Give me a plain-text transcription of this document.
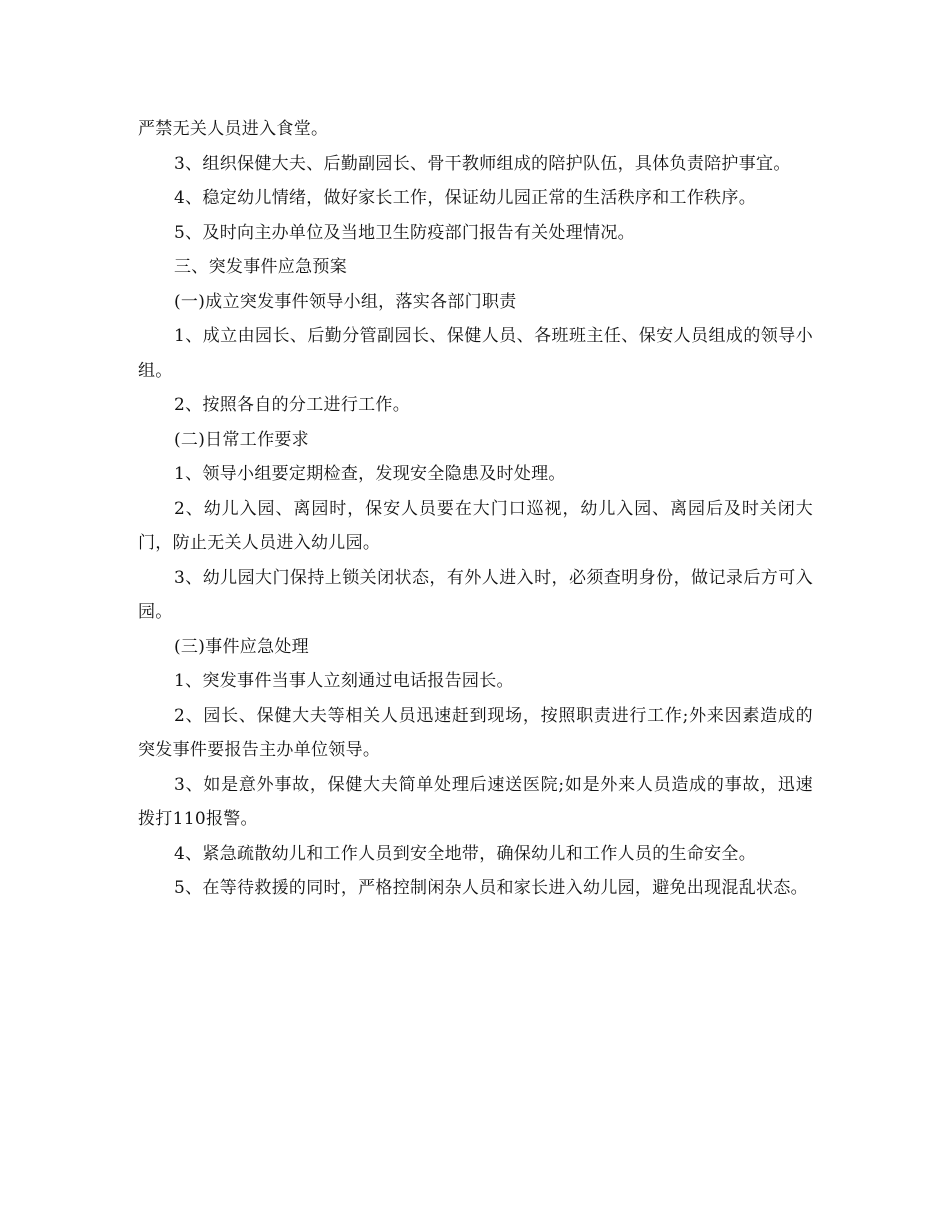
严禁无关人员进入食堂。

3、组织保健大夫、后勤副园长、骨干教师组成的陪护队伍，具体负责陪护事宜。

4、稳定幼儿情绪，做好家长工作，保证幼儿园正常的生活秩序和工作秩序。

5、及时向主办单位及当地卫生防疫部门报告有关处理情况。

三、突发事件应急预案

(一)成立突发事件领导小组，落实各部门职责

1、成立由园长、后勤分管副园长、保健人员、各班班主任、保安人员组成的领导小组。

2、按照各自的分工进行工作。

(二)日常工作要求

1、领导小组要定期检查，发现安全隐患及时处理。

2、幼儿入园、离园时，保安人员要在大门口巡视，幼儿入园、离园后及时关闭大门，防止无关人员进入幼儿园。

3、幼儿园大门保持上锁关闭状态，有外人进入时，必须查明身份，做记录后方可入园。

(三)事件应急处理

1、突发事件当事人立刻通过电话报告园长。

2、园长、保健大夫等相关人员迅速赶到现场，按照职责进行工作;外来因素造成的突发事件要报告主办单位领导。

3、如是意外事故，保健大夫简单处理后速送医院;如是外来人员造成的事故，迅速拨打110报警。

4、紧急疏散幼儿和工作人员到安全地带，确保幼儿和工作人员的生命安全。

5、在等待救援的同时，严格控制闲杂人员和家长进入幼儿园，避免出现混乱状态。
